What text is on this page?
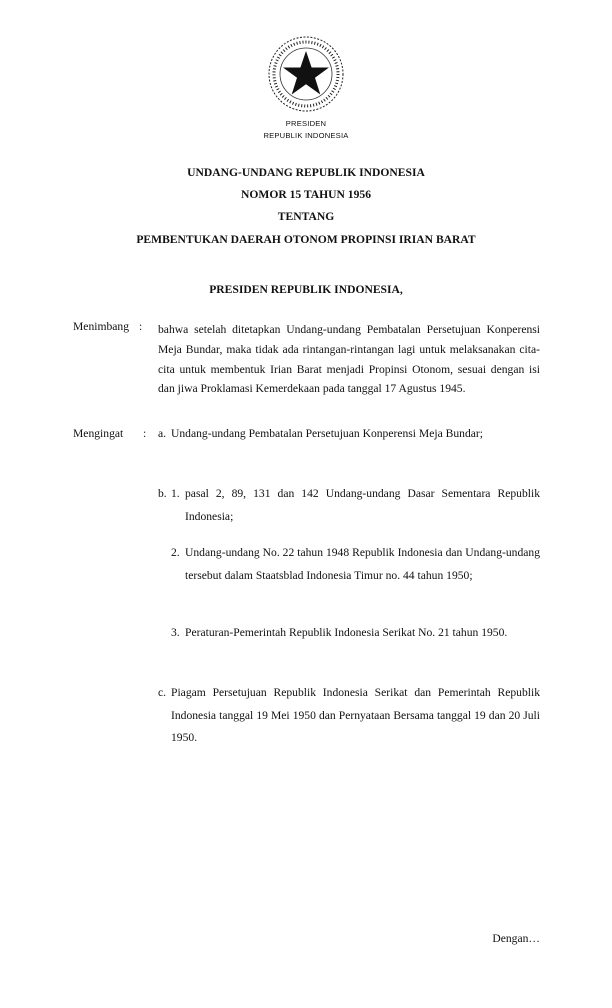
PRESIDEN
REPUBLIK INDONESIA
UNDANG-UNDANG REPUBLIK INDONESIA
NOMOR 15 TAHUN 1956
TENTANG
PEMBENTUKAN DAERAH OTONOM PROPINSI IRIAN BARAT
PRESIDEN REPUBLIK INDONESIA,
Menimbang : bahwa setelah ditetapkan Undang-undang Pembatalan Persetujuan Konperensi Meja Bundar, maka tidak ada rintangan-rintangan lagi untuk melaksanakan cita-cita untuk membentuk Irian Barat menjadi Propinsi Otonom, sesuai dengan isi dan jiwa Proklamasi Kemerdekaan pada tanggal 17 Agustus 1945.
Mengingat : a. Undang-undang Pembatalan Persetujuan Konperensi Meja Bundar;
b. 1. pasal 2, 89, 131 dan 142 Undang-undang Dasar Sementara Republik Indonesia;
2. Undang-undang No. 22 tahun 1948 Republik Indonesia dan Undang-undang tersebut dalam Staatsblad Indonesia Timur no. 44 tahun 1950;
3. Peraturan-Pemerintah Republik Indonesia Serikat No. 21 tahun 1950.
c. Piagam Persetujuan Republik Indonesia Serikat dan Pemerintah Republik Indonesia tanggal 19 Mei 1950 dan Pernyataan Bersama tanggal 19 dan 20 Juli 1950.
Dengan…
